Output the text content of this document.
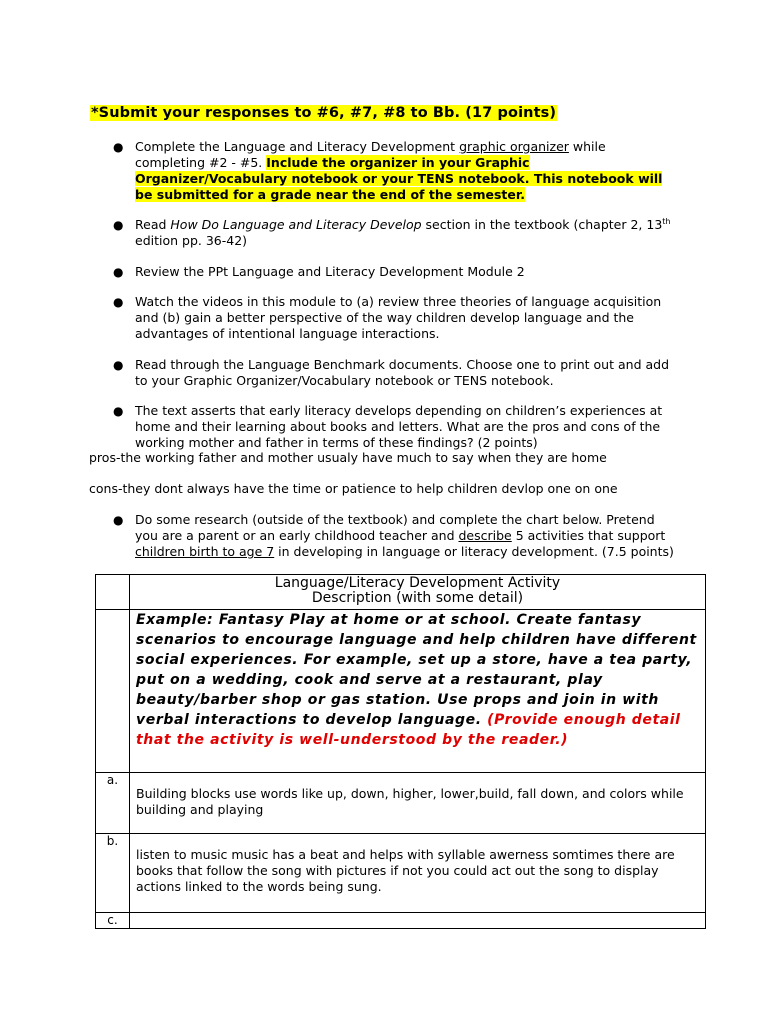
*Submit your responses to #6, #7, #8 to Bb. (17 points)
● Complete the Language and Literacy Development graphic organizer while completing #2 - #5. Include the organizer in your Graphic Organizer/Vocabulary notebook or your TENS notebook. This notebook will be submitted for a grade near the end of the semester.
● Read How Do Language and Literacy Develop section in the textbook (chapter 2, 13th edition pp. 36-42)
● Review the PPt Language and Literacy Development Module 2
● Watch the videos in this module to (a) review three theories of language acquisition and (b) gain a better perspective of the way children develop language and the advantages of intentional language interactions.
● Read through the Language Benchmark documents. Choose one to print out and add to your Graphic Organizer/Vocabulary notebook or TENS notebook.
● The text asserts that early literacy develops depending on children’s experiences at home and their learning about books and letters. What are the pros and cons of the working mother and father in terms of these findings? (2 points)
pros-the working father and mother usualy have much to say when they are home
cons-they dont always have the time or patience to help children devlop one on one
● Do some research (outside of the textbook) and complete the chart below. Pretend you are a parent or an early childhood teacher and describe 5 activities that support children birth to age 7 in developing in language or literacy development. (7.5 points)

	Language/Literacy Development Activity
Description (with some detail)

	Example: Fantasy Play at home or at school. Create fantasy scenarios to encourage language and help children have different social experiences. For example, set up a store, have a tea party, put on a wedding, cook and serve at a restaurant, play beauty/barber shop or gas station. Use props and join in with verbal interactions to develop language. (Provide enough detail that the activity is well-understood by the reader.)
a.	Building blocks use words like up, down, higher, lower,build, fall down, and colors while building and playing
b.	listen to music music has a beat and helps with syllable awerness somtimes there are books that follow the song with pictures if not you could act out the song to display actions linked to the words being sung.
c.	
